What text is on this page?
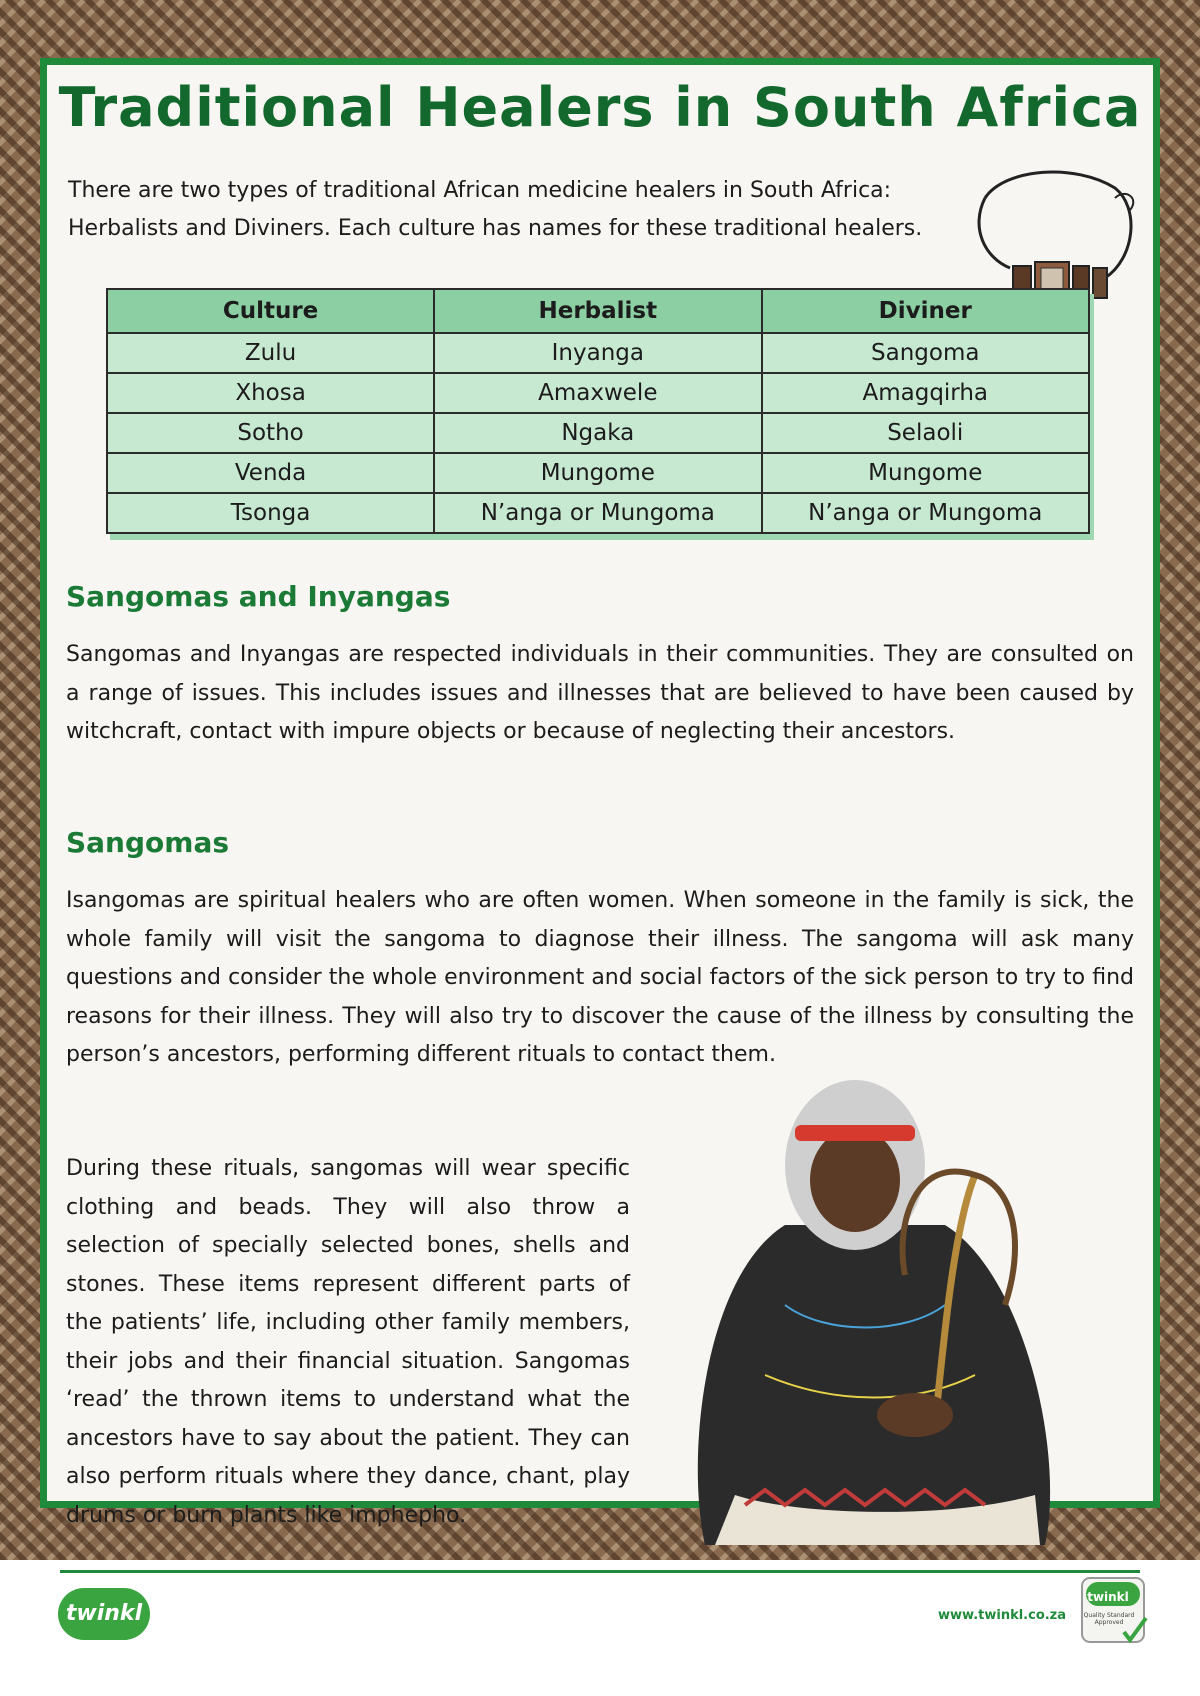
Traditional Healers in South Africa

There are two types of traditional African medicine healers in South Africa: Herbalists and Diviners. Each culture has names for these traditional healers.

Culture	Herbalist	Diviner
Zulu	Inyanga	Sangoma
Xhosa	Amaxwele	Amagqirha
Sotho	Ngaka	Selaoli
Venda	Mungome	Mungome
Tsonga	N’anga or Mungoma	N’anga or Mungoma
Sangomas and Inyangas

Sangomas and Inyangas are respected individuals in their communities. They are consulted on a range of issues. This includes issues and illnesses that are believed to have been caused by witchcraft, contact with impure objects or because of neglecting their ancestors.

Sangomas

Isangomas are spiritual healers who are often women. When someone in the family is sick, the whole family will visit the sangoma to diagnose their illness. The sangoma will ask many questions and consider the whole environment and social factors of the sick person to try to find reasons for their illness. They will also try to discover the cause of the illness by consulting the person’s ancestors, performing different rituals to contact them.

During these rituals, sangomas will wear specific clothing and beads. They will also throw a selection of specially selected bones, shells and stones. These items represent different parts of the patients’ life, including other family members, their jobs and their financial situation. Sangomas ‘read’ the thrown items to understand what the ancestors have to say about the patient. They can also perform rituals where they dance, chant, play drums or burn plants like imphepho.

twinkl	www.twinkl.co.za
twinkl
Quality Standard Approved
